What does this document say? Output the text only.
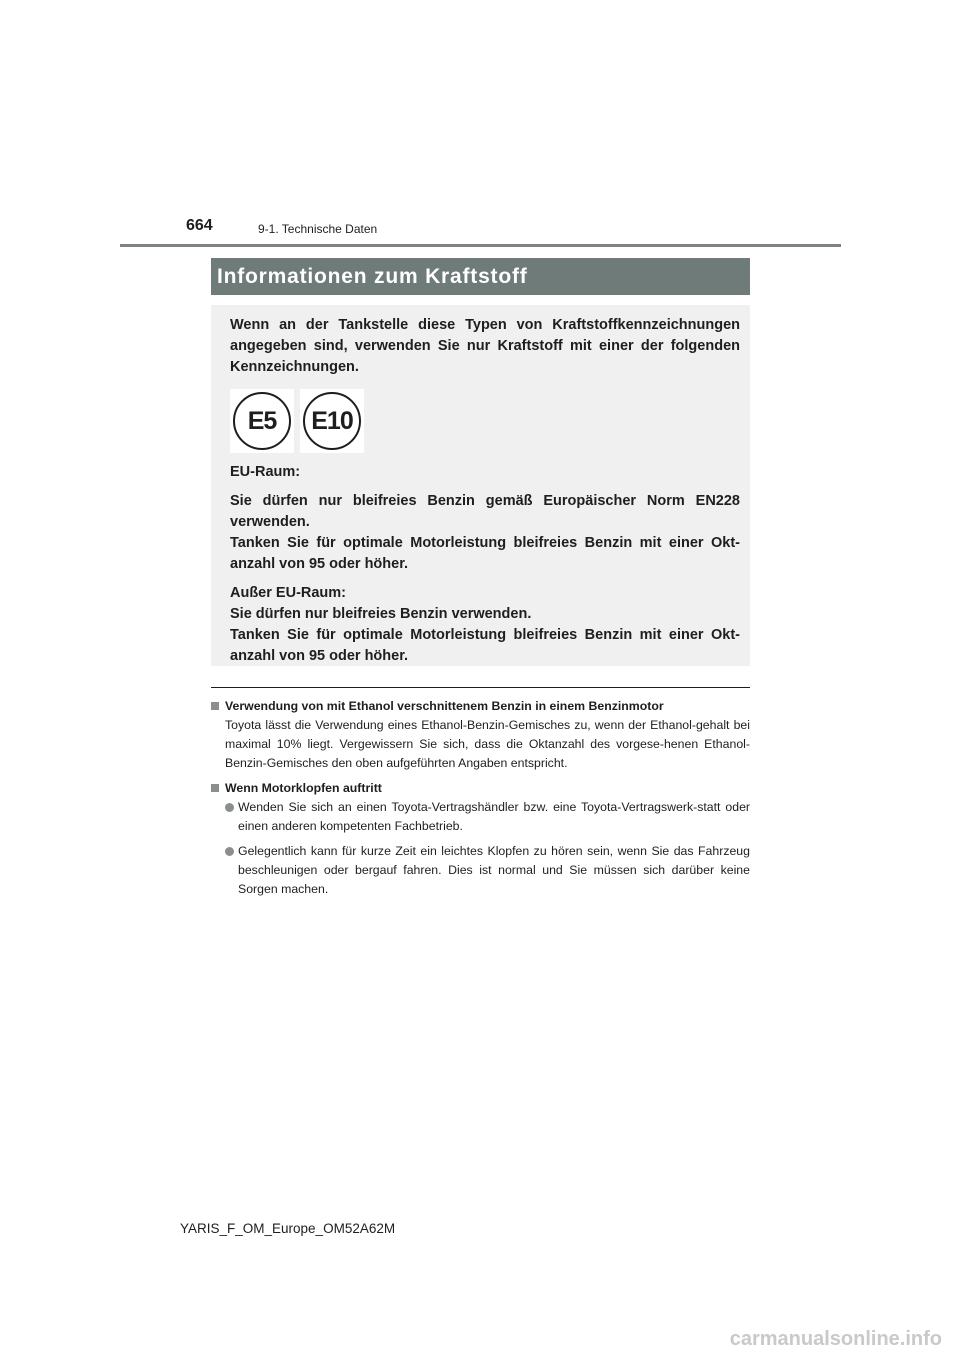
664	9-1. Technische Daten
Informationen zum Kraftstoff

Wenn an der Tankstelle diese Typen von Kraftstoffkennzeichnungen angegeben sind, verwenden Sie nur Kraftstoff mit einer der folgenden Kennzeichnungen.

E5	E10

EU-Raum:

Sie dürfen nur bleifreies Benzin gemäß Europäischer Norm EN228 verwenden.

Tanken Sie für optimale Motorleistung bleifreies Benzin mit einer Okt-anzahl von 95 oder höher.

Außer EU-Raum:

Sie dürfen nur bleifreies Benzin verwenden.

Tanken Sie für optimale Motorleistung bleifreies Benzin mit einer Okt-anzahl von 95 oder höher.

Verwendung von mit Ethanol verschnittenem Benzin in einem Benzinmotor

Toyota lässt die Verwendung eines Ethanol-Benzin-Gemisches zu, wenn der Ethanol-gehalt bei maximal 10% liegt. Vergewissern Sie sich, dass die Oktanzahl des vorgese-henen Ethanol-Benzin-Gemisches den oben aufgeführten Angaben entspricht.

Wenn Motorklopfen auftritt

Wenden Sie sich an einen Toyota-Vertragshändler bzw. eine Toyota-Vertragswerk-statt oder einen anderen kompetenten Fachbetrieb.
Gelegentlich kann für kurze Zeit ein leichtes Klopfen zu hören sein, wenn Sie das Fahrzeug beschleunigen oder bergauf fahren. Dies ist normal und Sie müssen sich darüber keine Sorgen machen.
YARIS_F_OM_Europe_OM52A62M
carmanualsonline.info
